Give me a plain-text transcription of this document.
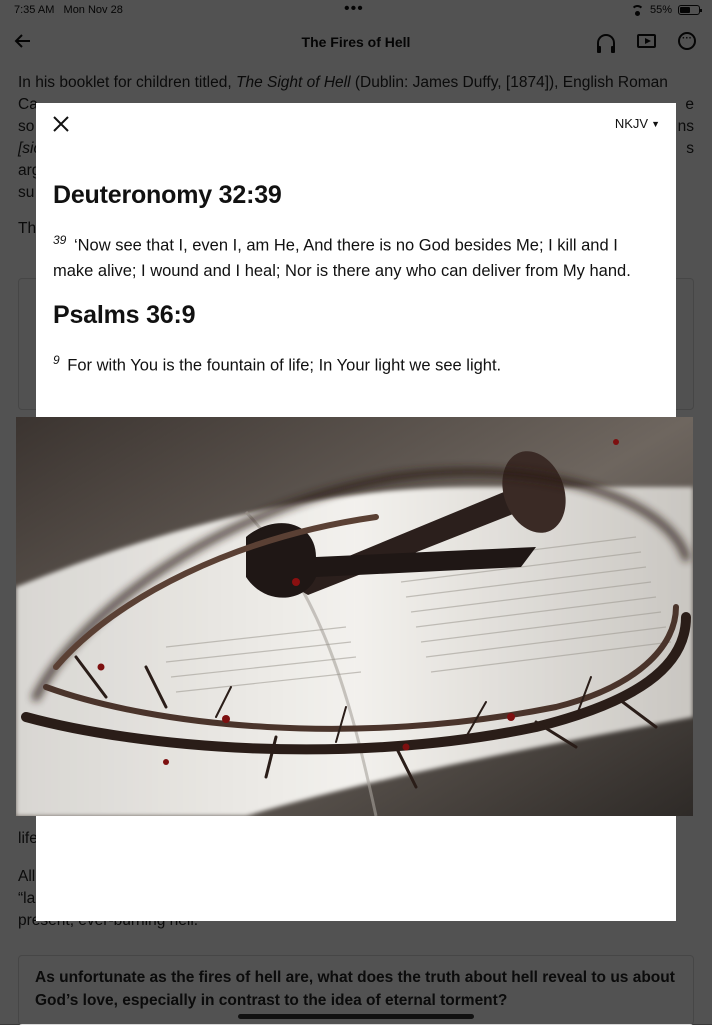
NKJV ▼
Deuteronomy 32:39
$^{39}$ ‘Now see that I, even I, am He, And there is no God besides Me; I kill and I make alive; I wound and I heal; Nor is there any who can deliver from My hand.
Psalms 36:9
$^9$ For with You is the fountain of life; In Your light we see light.
